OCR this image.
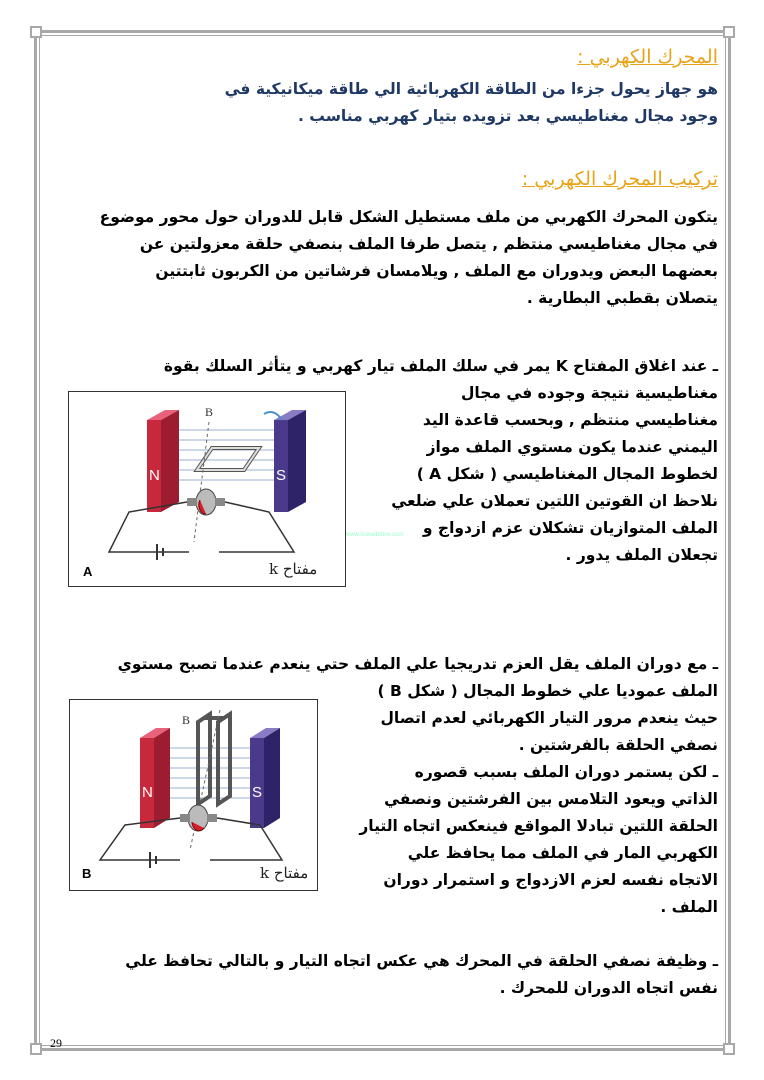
المحرك الكهربي :
هو جهاز يحول جزءا من الطاقة الكهربائية الي طاقة ميكانيكية في
وجود مجال مغناطيسي بعد تزويده بتيار كهربي مناسب .
تركيب المحرك الكهربي :
يتكون المحرك الكهربي من ملف مستطيل الشكل قابل للدوران حول محور موضوع
في مجال مغناطيسي منتظم , يتصل طرفا الملف بنصفي حلقة معزولتين عن
بعضهما البعض ويدوران مع الملف , ويلامسان فرشاتين من الكربون ثابتتين
يتصلان بقطبي البطارية .
ـ عند اغلاق المفتاح K يمر في سلك الملف تيار كهربي و يتأثر السلك بقوة
مغناطيسية نتيجة وجوده في مجال
مغناطيسي منتظم , وبحسب قاعدة اليد
اليمني عندما يكون مستوي الملف مواز
لخطوط المجال المغناطيسي ( شكل A )
نلاحظ ان القوتين اللتين تعملان علي ضلعي
الملف المتوازيان تشكلان عزم ازدواج و
تجعلان الملف يدور .
N	S
B
مفتاح k
A
www.kuwaitdrive.com
ـ مع دوران الملف يقل العزم تدريجيا علي الملف حتي ينعدم عندما تصبح مستوي
الملف عموديا علي خطوط المجال ( شكل B )
حيث ينعدم مرور التيار الكهربائي لعدم اتصال
نصفي الحلقة بالفرشتين .
ـ لكن يستمر دوران الملف بسبب قصوره
الذاتي ويعود التلامس بين الفرشتين ونصفي
الحلقة اللتين تبادلا المواقع فينعكس اتجاه التيار
الكهربي المار في الملف مما يحافظ علي
الاتجاه نفسه لعزم الازدواج و استمرار دوران
الملف .
ـ وظيفة نصفي الحلقة في المحرك هي عكس اتجاه التيار و بالتالي تحافظ علي
نفس اتجاه الدوران للمحرك .
N	S
B
مفتاح k
B
29
